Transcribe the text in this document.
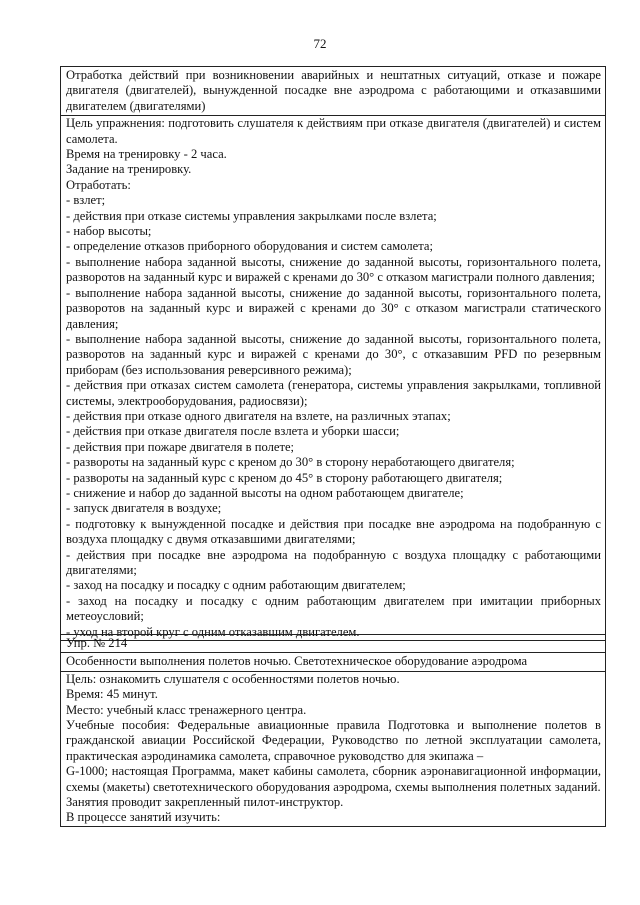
72
Отработка действий при возникновении аварийных и нештатных ситуаций, отказе и пожаре двигателя (двигателей), вынужденной посадке вне аэродрома с работающими и отказавшими двигателем (двигателями)
Цель упражнения: подготовить слушателя к действиям при отказе двигателя (двигателей) и систем самолета.
Время на тренировку - 2 часа.
Задание на тренировку.
Отработать:
- взлет;
- действия при отказе системы управления закрылками после взлета;
- набор высоты;
- определение отказов приборного оборудования и систем самолета;
- выполнение набора заданной высоты, снижение до заданной высоты, горизонтального полета, разворотов на заданный курс и виражей с кренами до 30° с отказом магистрали полного давления;
- выполнение набора заданной высоты, снижение до заданной высоты, горизонтального полета, разворотов на заданный курс и виражей с кренами до 30° с отказом магистрали статического давления;
- выполнение набора заданной высоты, снижение до заданной высоты, горизонтального полета, разворотов на заданный курс и виражей с кренами до 30°, с отказавшим PFD по резервным приборам (без использования реверсивного режима);
- действия при отказах систем самолета (генератора, системы управления закрылками, топливной системы, электрооборудования, радиосвязи);
- действия при отказе одного двигателя на взлете, на различных этапах;
- действия при отказе двигателя после взлета и уборки шасси;
- действия при пожаре двигателя в полете;
- развороты на заданный курс с креном до 30° в сторону неработающего двигателя;
- развороты на заданный курс с креном до 45° в сторону работающего двигателя;
- снижение и набор до заданной высоты на одном работающем двигателе;
- запуск двигателя в воздухе;
- подготовку к вынужденной посадке и действия при посадке вне аэродрома на подобранную с воздуха площадку с двумя отказавшими двигателями;
- действия при посадке вне аэродрома на подобранную с воздуха площадку с работающими двигателями;
- заход на посадку и посадку с одним работающим двигателем;
- заход на посадку и посадку с одним работающим двигателем при имитации приборных метеоусловий;
- уход на второй круг с одним отказавшим двигателем.
Упр. № 214
Особенности выполнения полетов ночью. Светотехническое оборудование аэродрома
Цель: ознакомить слушателя с особенностями полетов ночью.
Время: 45 минут.
Место: учебный класс тренажерного центра.
Учебные пособия: Федеральные авиационные правила Подготовка и выполнение полетов в гражданской авиации Российской Федерации, Руководство по летной эксплуатации самолета, практическая аэродинамика самолета, справочное руководство для экипажа –
G-1000; настоящая Программа, макет кабины самолета, сборник аэронавигационной информации, схемы (макеты) светотехнического оборудования аэродрома, схемы выполнения полетных заданий.
Занятия проводит закрепленный пилот-инструктор.
В процессе занятий изучить:
